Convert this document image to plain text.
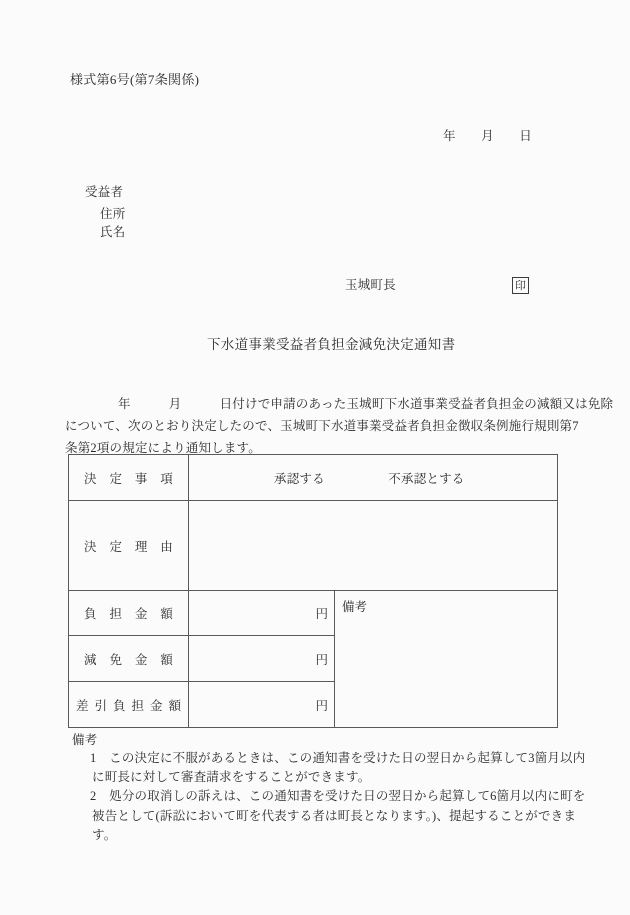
様式第6号(第7条関係)
年　　月　　日
受益者
住所
氏名
玉城町長	印
下水道事業受益者負担金減免決定通知書
年　　　月　　　日付けで申請のあった玉城町下水道事業受益者負担金の減額又は免除
について、次のとおり決定したので、玉城町下水道事業受益者負担金徴収条例施行規則第7
条第2項の規定により通知します。
決　定　事　項	承認する　　　　　不承認とする
決　定　理　由
負　担　金　額	円	備考
減　免　金　額	円
差引負担金額	円
備考
1　この決定に不服があるときは、この通知書を受けた日の翌日から起算して3箇月以内
に町長に対して審査請求をすることができます。
2　処分の取消しの訴えは、この通知書を受けた日の翌日から起算して6箇月以内に町を
被告として(訴訟において町を代表する者は町長となります。)、提起することができま
す。
